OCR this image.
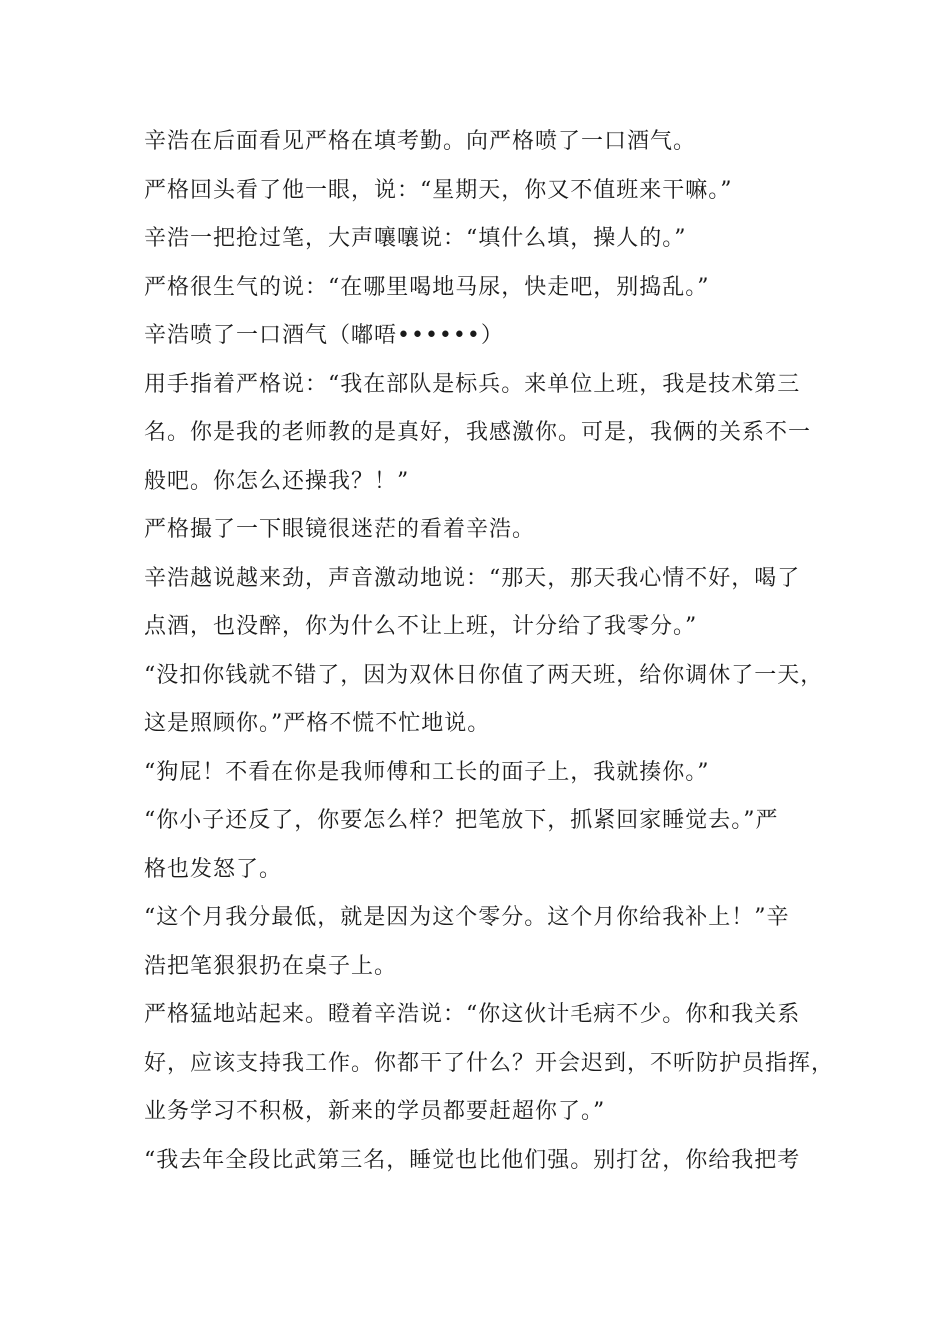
辛浩在后面看见严格在填考勤。向严格喷了一口酒气。
严格回头看了他一眼，说：“星期天，你又不值班来干嘛。”
辛浩一把抢过笔，大声嚷嚷说：“填什么填，操人的。”
严格很生气的说：“在哪里喝地马尿，快走吧，别捣乱。”
辛浩喷了一口酒气（嘟唔••••••）
用手指着严格说：“我在部队是标兵。来单位上班，我是技术第三
名。你是我的老师教的是真好，我感激你。可是，我俩的关系不一
般吧。你怎么还操我？！”
严格撮了一下眼镜很迷茫的看着辛浩。
辛浩越说越来劲，声音激动地说：“那天，那天我心情不好，喝了
点酒，也没醉，你为什么不让上班，计分给了我零分。”
“没扣你钱就不错了，因为双休日你值了两天班，给你调休了一天，
这是照顾你。”严格不慌不忙地说。
“狗屁！不看在你是我师傅和工长的面子上，我就揍你。”
“你小子还反了，你要怎么样？把笔放下，抓紧回家睡觉去。”严
格也发怒了。
“这个月我分最低，就是因为这个零分。这个月你给我补上！”辛
浩把笔狠狠扔在桌子上。
严格猛地站起来。瞪着辛浩说：“你这伙计毛病不少。你和我关系
好，应该支持我工作。你都干了什么？开会迟到，不听防护员指挥，
业务学习不积极，新来的学员都要赶超你了。”
“我去年全段比武第三名，睡觉也比他们强。别打岔，你给我把考
